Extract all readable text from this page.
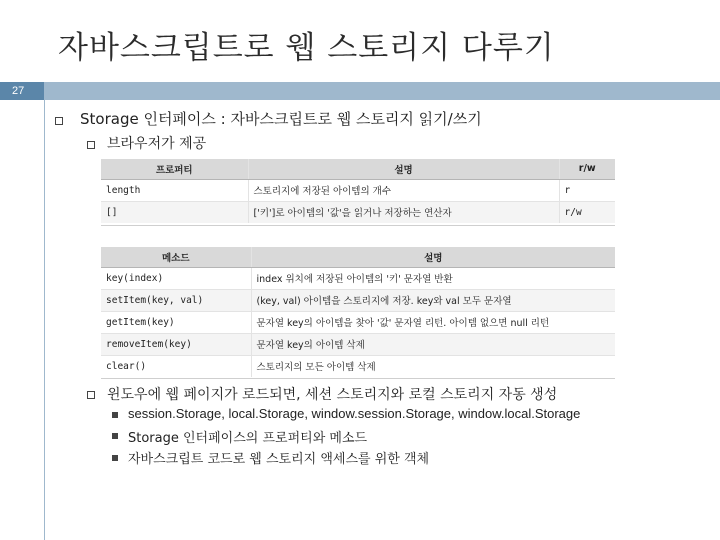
자바스크립트로 웹 스토리지 다루기
27
Storage 인터페이스 : 자바스크립트로 웹 스토리지 읽기/쓰기
브라우저가 제공
프로퍼티	설명	r/w
length	스토리지에 저장된 아이템의 개수	r
[]	['키']로 아이템의 '값'을 읽거나 저장하는 연산자	r/w
메소드	설명
key(index)	index 위치에 저장된 아이템의 '키' 문자열 반환
setItem(key, val)	(key, val) 아이템을 스토리지에 저장. key와 val 모두 문자열
getItem(key)	문자열 key의 아이템을 찾아 '값' 문자열 리턴. 아이템 없으면 null 리턴
removeItem(key)	문자열 key의 아이템 삭제
clear()	스토리지의 모든 아이템 삭제
윈도우에 웹 페이지가 로드되면, 세션 스토리지와 로컬 스토리지 자동 생성
session.Storage, local.Storage, window.session.Storage, window.local.Storage
Storage 인터페이스의 프로퍼티와 메소드
자바스크립트 코드로 웹 스토리지 액세스를 위한 객체
